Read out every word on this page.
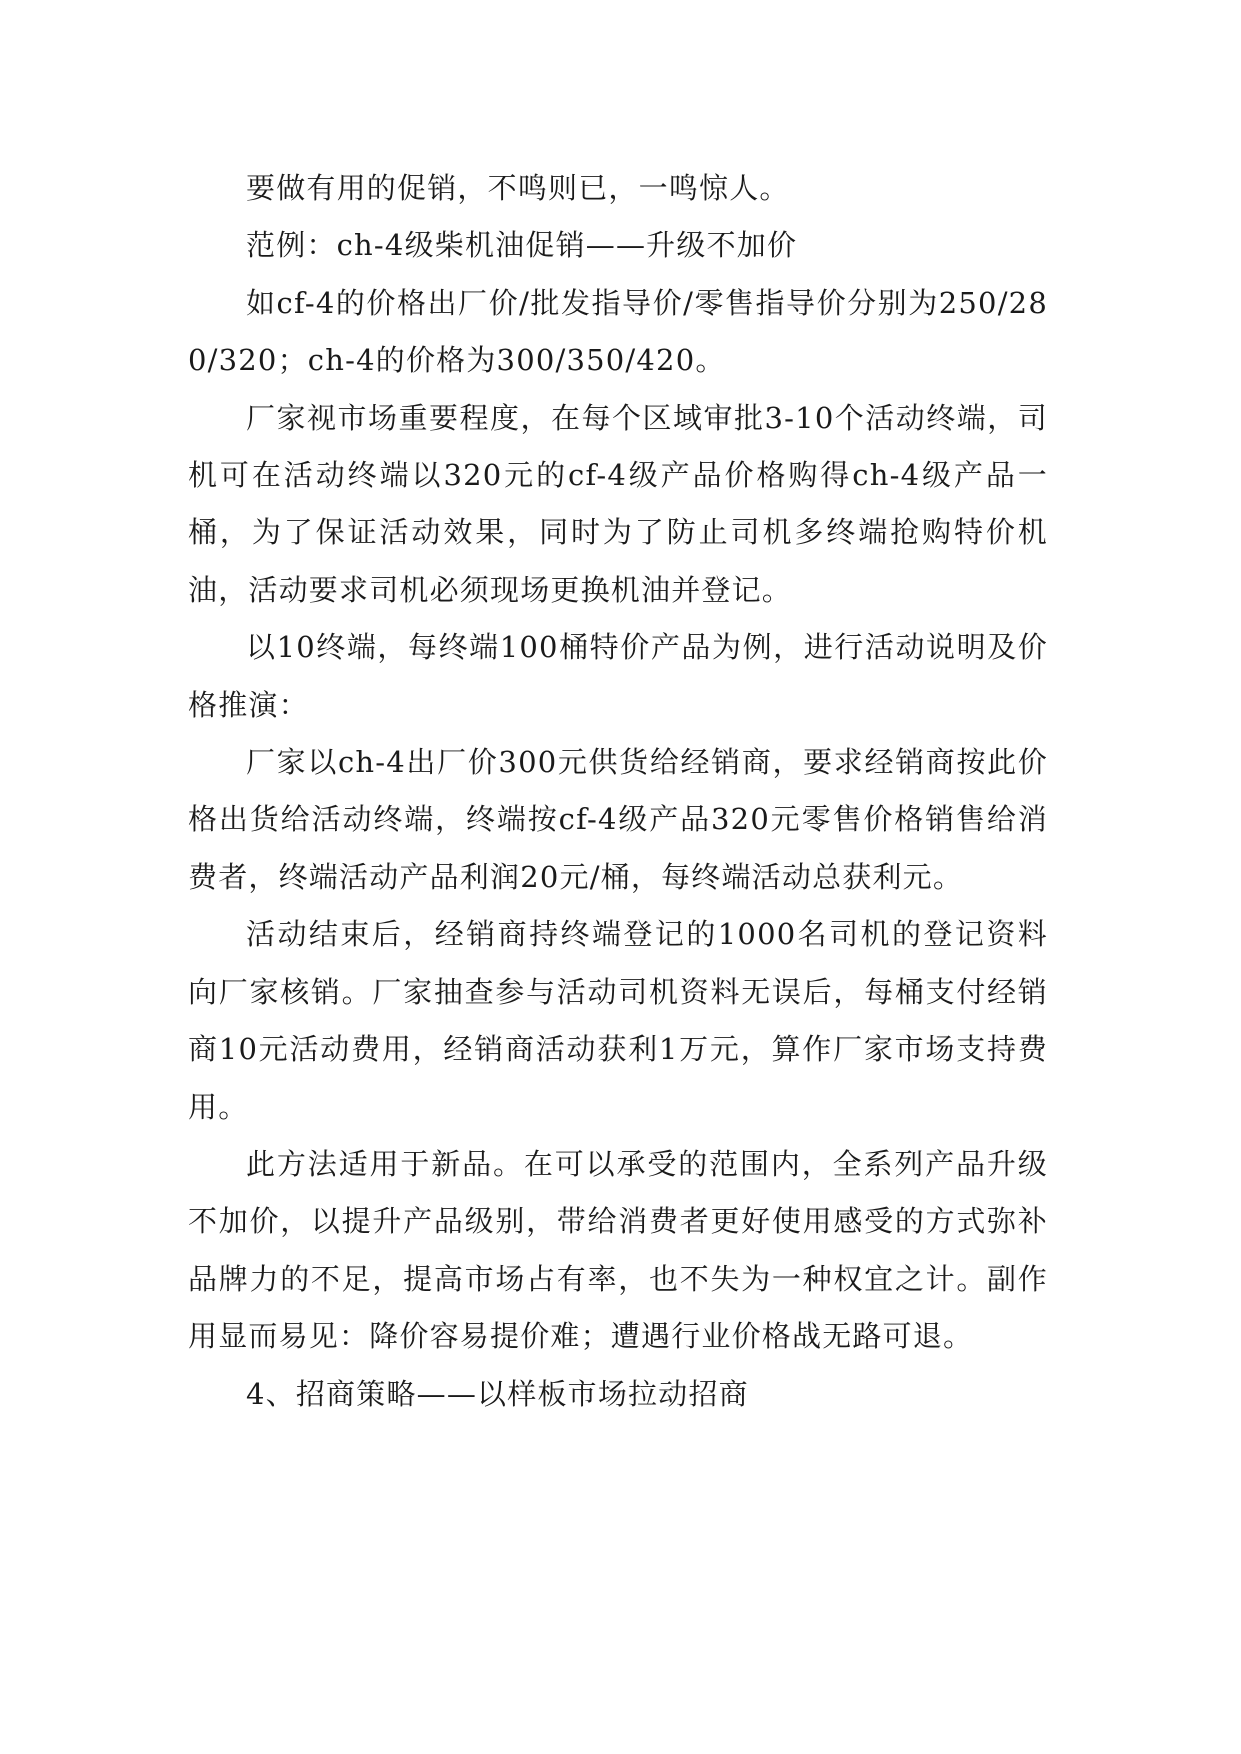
要做有用的促销，不鸣则已，一鸣惊人。

范例：ch-4级柴机油促销——升级不加价

如cf-4的价格出厂价/批发指导价/零售指导价分别为250/280/320；ch-4的价格为300/350/420。

厂家视市场重要程度，在每个区域审批3-10个活动终端，司机可在活动终端以320元的cf-4级产品价格购得ch-4级产品一桶，为了保证活动效果，同时为了防止司机多终端抢购特价机油，活动要求司机必须现场更换机油并登记。

以10终端，每终端100桶特价产品为例，进行活动说明及价格推演：

厂家以ch-4出厂价300元供货给经销商，要求经销商按此价格出货给活动终端，终端按cf-4级产品320元零售价格销售给消费者，终端活动产品利润20元/桶，每终端活动总获利元。

活动结束后，经销商持终端登记的1000名司机的登记资料向厂家核销。厂家抽查参与活动司机资料无误后，每桶支付经销商10元活动费用，经销商活动获利1万元，算作厂家市场支持费用。

此方法适用于新品。在可以承受的范围内，全系列产品升级不加价，以提升产品级别，带给消费者更好使用感受的方式弥补品牌力的不足，提高市场占有率，也不失为一种权宜之计。副作用显而易见：降价容易提价难；遭遇行业价格战无路可退。

4、招商策略——以样板市场拉动招商
